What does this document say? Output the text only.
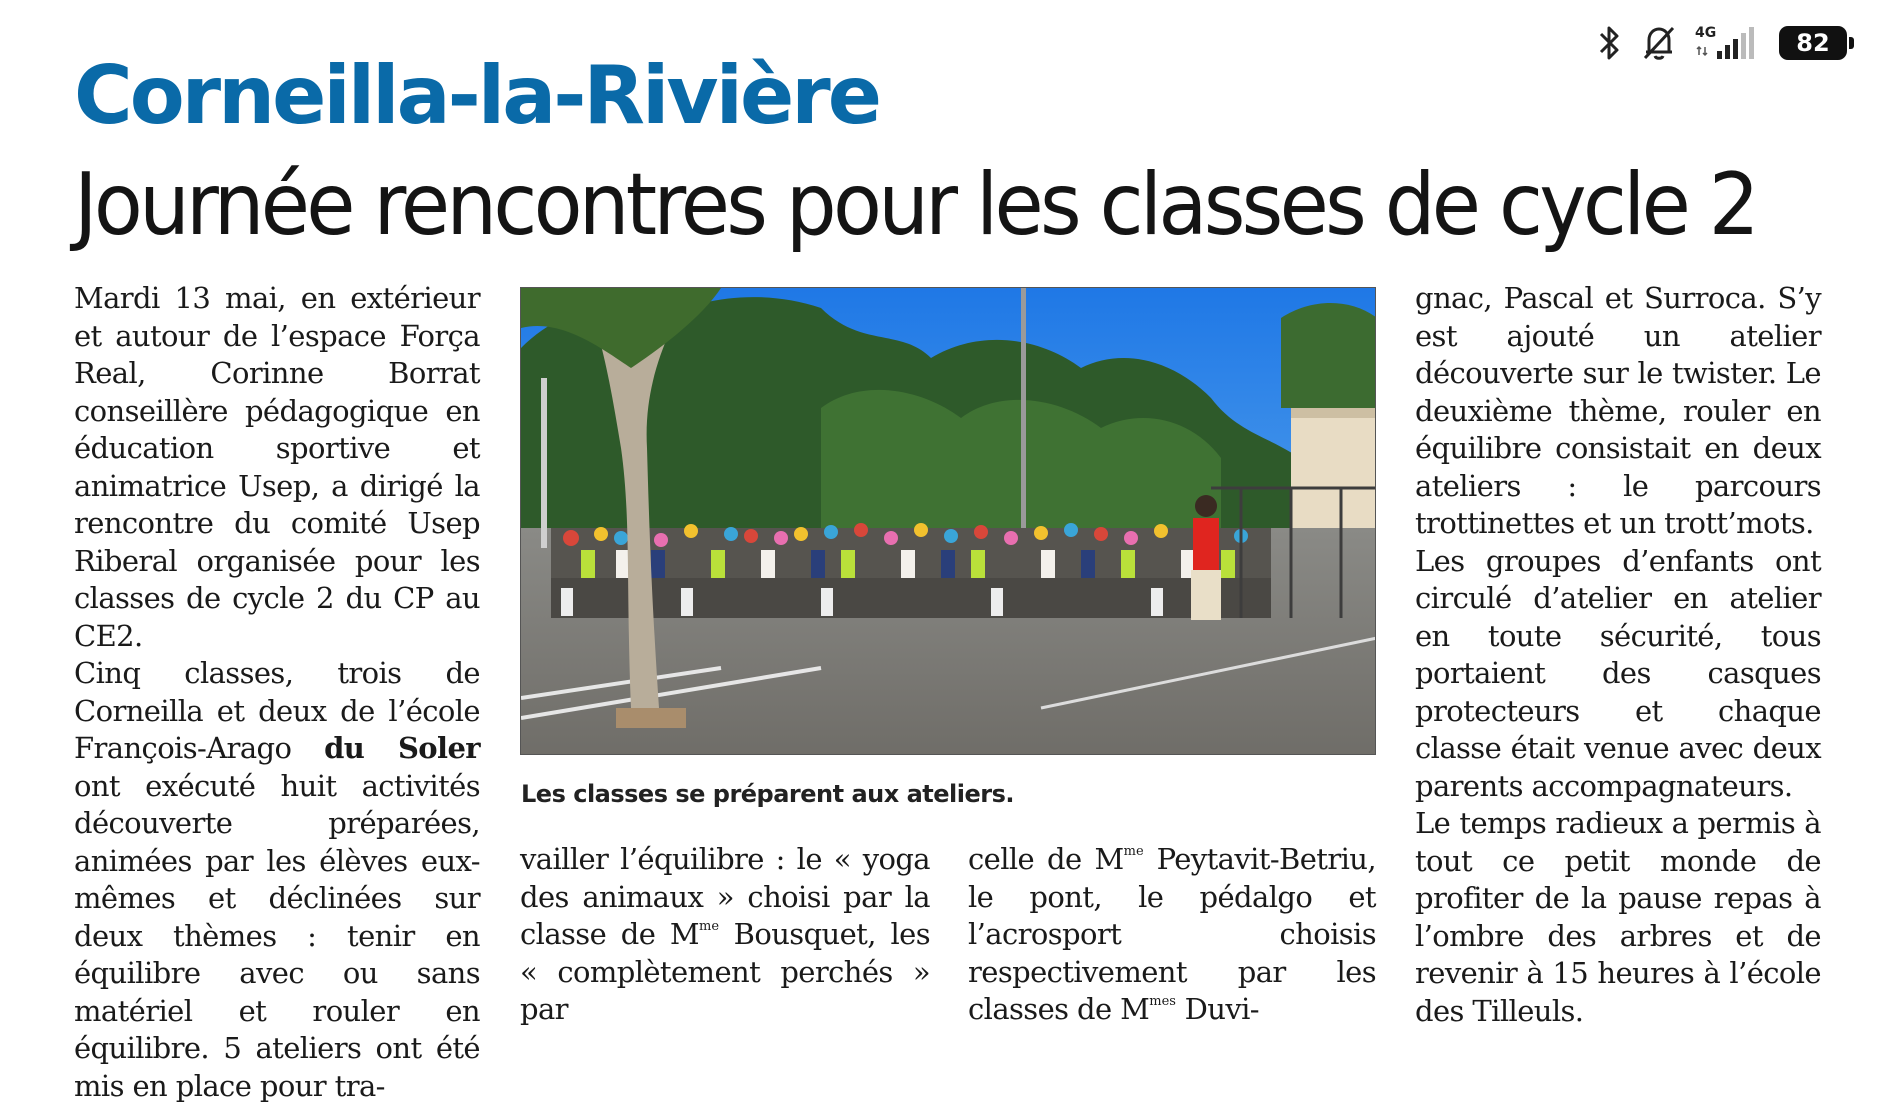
4G	82
Corneilla-la-Rivière
Journée rencontres pour les classes de cycle 2

Mardi 13 mai, en extérieur et autour de l’espace Força Real, Corinne Borrat conseillère pédagogique en éducation sportive et animatrice Usep, a dirigé la rencontre du comité Usep Riberal organisée pour les classes de cycle 2 du CP au CE2.

Cinq classes, trois de Corneilla et deux de l’école François-Arago du Soler ont exécuté huit activités découverte préparées, animées par les élèves eux-mêmes et déclinées sur deux thèmes : tenir en équilibre avec ou sans matériel et rouler en équilibre. 5 ateliers ont été mis en place pour tra-

Les classes se préparent aux ateliers.

vailler l’équilibre : le « yoga des animaux » choisi par la classe de $M^{me}$ Bousquet, les « complètement perchés » par

celle de $M^{me}$ Peytavit-Betriu, le pont, le pédalgo et l’acrosport choisis respectivement par les classes de $M^{mes}$ Duvi-

gnac, Pascal et Surroca. S’y est ajouté un atelier découverte sur le twister. Le deuxième thème, rouler en équilibre consistait en deux ateliers : le parcours trottinettes et un trott’mots.

Les groupes d’enfants ont circulé d’atelier en atelier en toute sécurité, tous portaient des casques protecteurs et chaque classe était venue avec deux parents accompagnateurs.

Le temps radieux a permis à tout ce petit monde de profiter de la pause repas à l’ombre des arbres et de revenir à 15 heures à l’école des Tilleuls.
